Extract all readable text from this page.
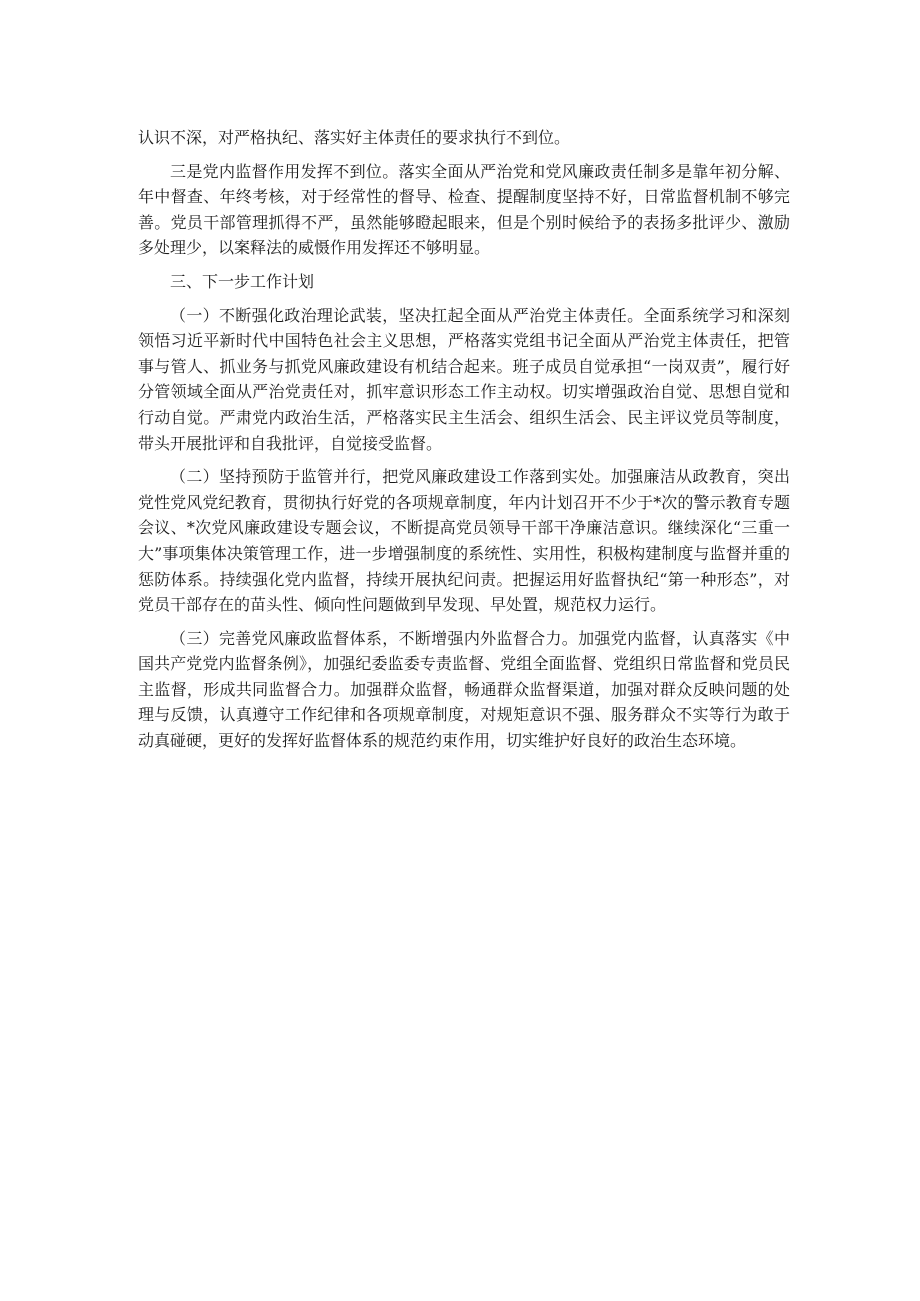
认识不深，对严格执纪、落实好主体责任的要求执行不到位。

三是党内监督作用发挥不到位。落实全面从严治党和党风廉政责任制多是靠年初分解、年中督查、年终考核，对于经常性的督导、检查、提醒制度坚持不好，日常监督机制不够完善。党员干部管理抓得不严，虽然能够瞪起眼来，但是个别时候给予的表扬多批评少、激励多处理少，以案释法的威慑作用发挥还不够明显。

三、下一步工作计划

（一）不断强化政治理论武装，坚决扛起全面从严治党主体责任。全面系统学习和深刻领悟习近平新时代中国特色社会主义思想，严格落实党组书记全面从严治党主体责任，把管事与管人、抓业务与抓党风廉政建设有机结合起来。班子成员自觉承担“一岗双责”，履行好分管领域全面从严治党责任对，抓牢意识形态工作主动权。切实增强政治自觉、思想自觉和行动自觉。严肃党内政治生活，严格落实民主生活会、组织生活会、民主评议党员等制度，带头开展批评和自我批评，自觉接受监督。

（二）坚持预防于监管并行，把党风廉政建设工作落到实处。加强廉洁从政教育，突出党性党风党纪教育，贯彻执行好党的各项规章制度，年内计划召开不少于*次的警示教育专题会议、*次党风廉政建设专题会议，不断提高党员领导干部干净廉洁意识。继续深化“三重一大”事项集体决策管理工作，进一步增强制度的系统性、实用性，积极构建制度与监督并重的惩防体系。持续强化党内监督，持续开展执纪问责。把握运用好监督执纪“第一种形态”，对党员干部存在的苗头性、倾向性问题做到早发现、早处置，规范权力运行。

（三）完善党风廉政监督体系，不断增强内外监督合力。加强党内监督，认真落实《中国共产党党内监督条例》，加强纪委监委专责监督、党组全面监督、党组织日常监督和党员民主监督，形成共同监督合力。加强群众监督，畅通群众监督渠道，加强对群众反映问题的处理与反馈，认真遵守工作纪律和各项规章制度，对规矩意识不强、服务群众不实等行为敢于动真碰硬，更好的发挥好监督体系的规范约束作用，切实维护好良好的政治生态环境。
